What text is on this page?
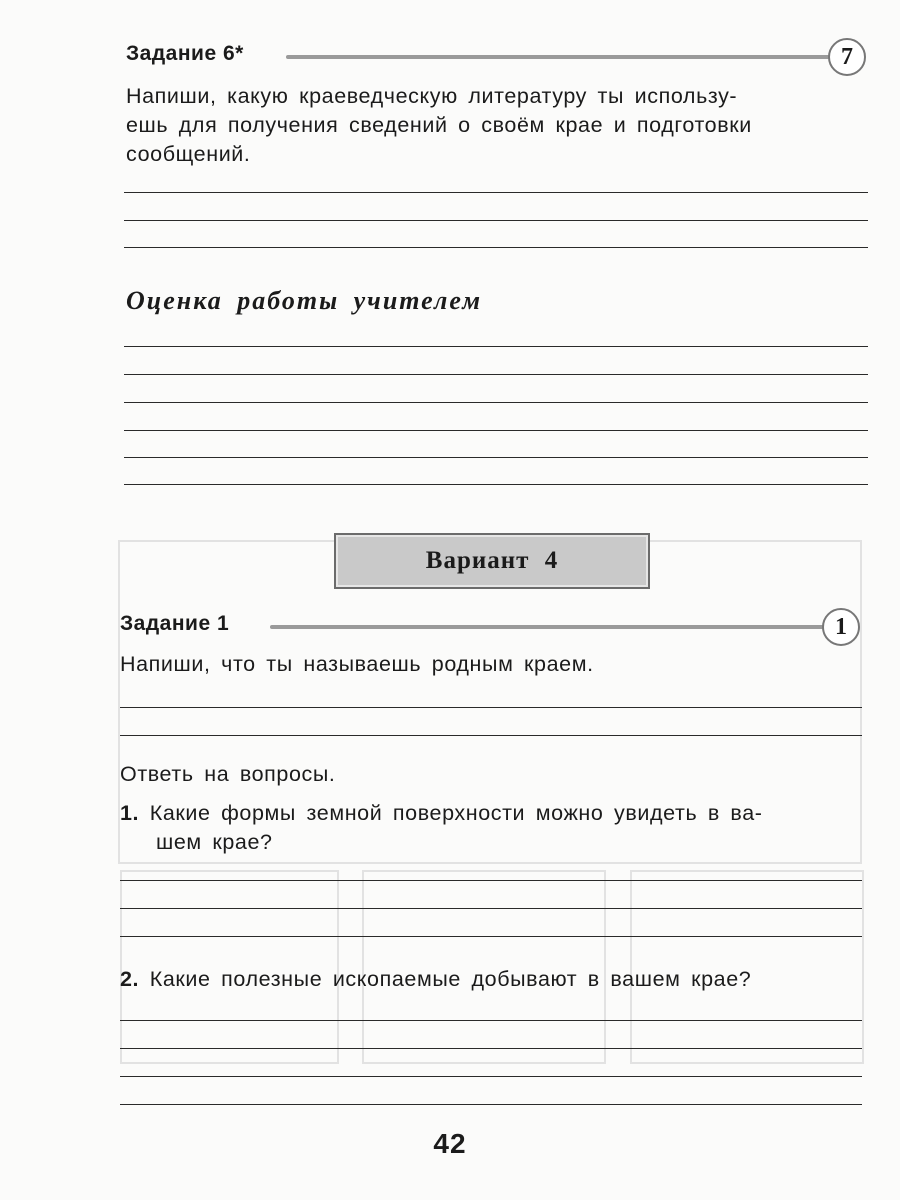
Задание 6*	7
Напиши, какую краеведческую литературу ты использу-
ешь для получения сведений о своём крае и подготовки
сообщений.
Оценка работы учителем
Вариант 4
Задание 1	1
Напиши, что ты называешь родным краем.
Ответь на вопросы.
1. Какие формы земной поверхности можно увидеть в ва-
шем крае?
2. Какие полезные ископаемые добывают в вашем крае?
42
